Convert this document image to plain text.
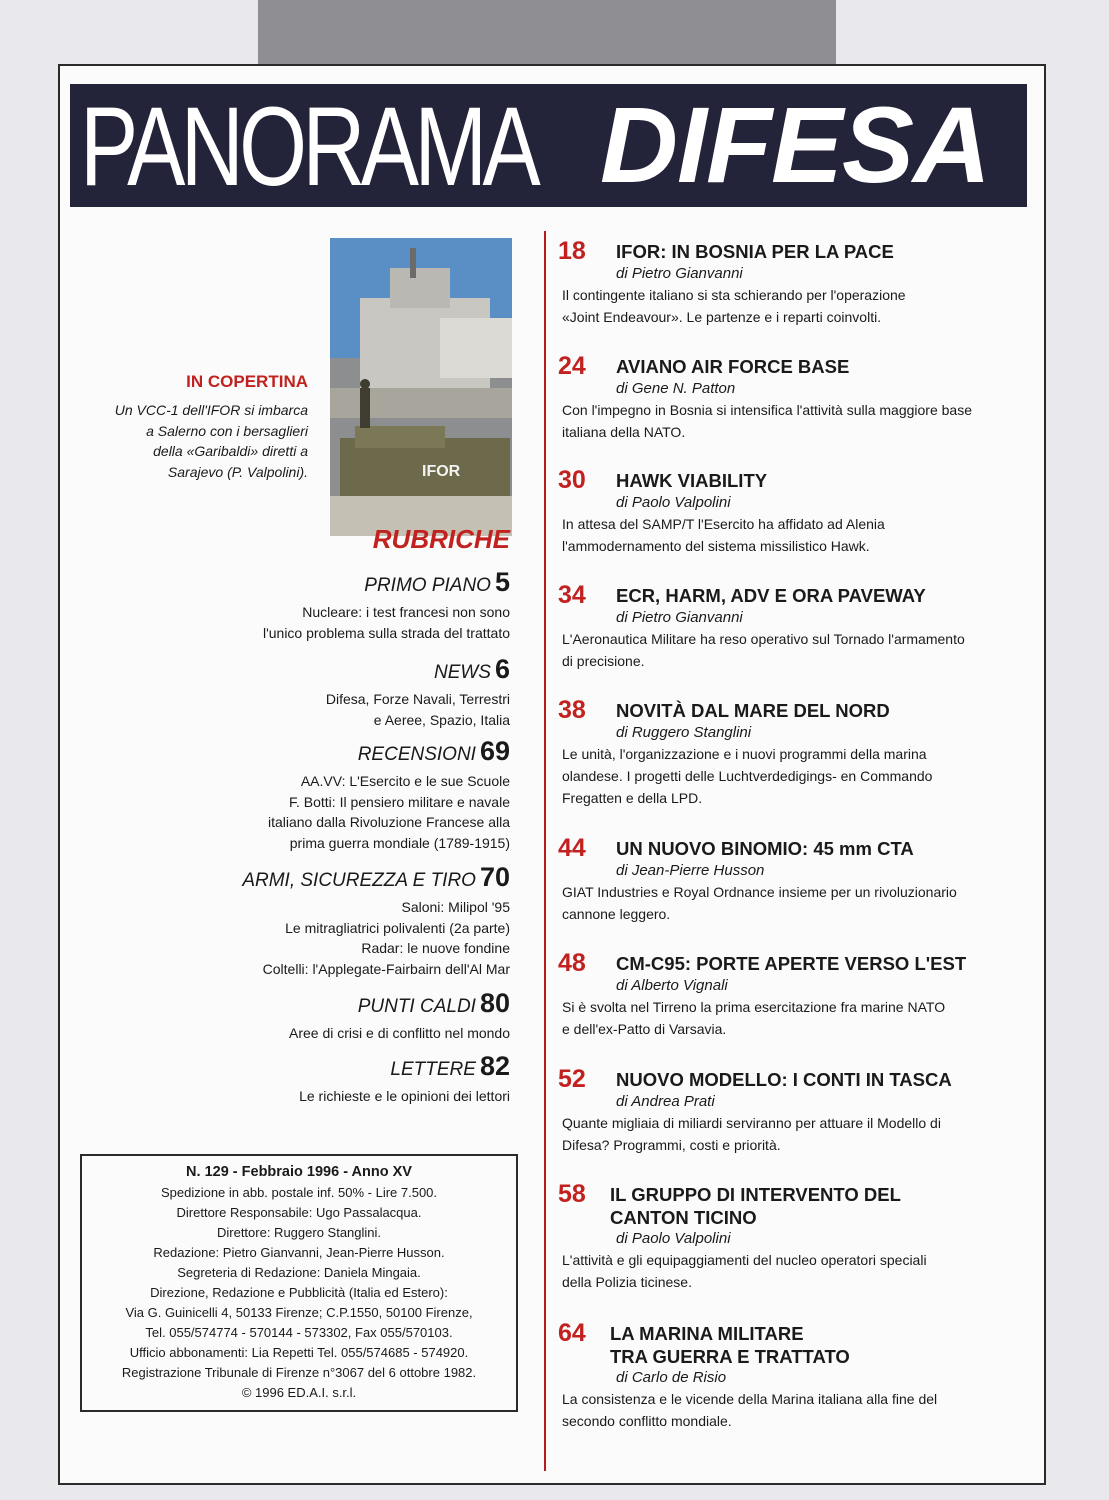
PANORAMA DIFESA
IFOR
IN COPERTINA
Un VCC-1 dell'IFOR si imbarca
a Salerno con i bersaglieri
della «Garibaldi» diretti a
Sarajevo (P. Valpolini).
RUBRICHE
PRIMO PIANO 5
Nucleare: i test francesi non sono
l'unico problema sulla strada del trattato
NEWS 6
Difesa, Forze Navali, Terrestri
e Aeree, Spazio, Italia
RECENSIONI 69
AA.VV: L'Esercito e le sue Scuole
F. Botti: Il pensiero militare e navale
italiano dalla Rivoluzione Francese alla
prima guerra mondiale (1789-1915)
ARMI, SICUREZZA E TIRO 70
Saloni: Milipol '95
Le mitragliatrici polivalenti (2a parte)
Radar: le nuove fondine
Coltelli: l'Applegate-Fairbairn dell'Al Mar
PUNTI CALDI 80
Aree di crisi e di conflitto nel mondo
LETTERE 82
Le richieste e le opinioni dei lettori
N. 129 - Febbraio 1996 - Anno XV
Spedizione in abb. postale inf. 50% - Lire 7.500.
Direttore Responsabile: Ugo Passalacqua.
Direttore: Ruggero Stanglini.
Redazione: Pietro Gianvanni, Jean-Pierre Husson.
Segreteria di Redazione: Daniela Mingaia.
Direzione, Redazione e Pubblicità (Italia ed Estero):
Via G. Guinicelli 4, 50133 Firenze; C.P.1550, 50100 Firenze,
Tel. 055/574774 - 570144 - 573302, Fax 055/570103.
Ufficio abbonamenti: Lia Repetti Tel. 055/574685 - 574920.
Registrazione Tribunale di Firenze n°3067 del 6 ottobre 1982.
© 1996 ED.A.I. s.r.l.
18 IFOR: IN BOSNIA PER LA PACE
di Pietro Gianvanni
Il contingente italiano si sta schierando per l'operazione
«Joint Endeavour». Le partenze e i reparti coinvolti.
24 AVIANO AIR FORCE BASE
di Gene N. Patton
Con l'impegno in Bosnia si intensifica l'attività sulla maggiore base
italiana della NATO.
30 HAWK VIABILITY
di Paolo Valpolini
In attesa del SAMP/T l'Esercito ha affidato ad Alenia
l'ammodernamento del sistema missilistico Hawk.
34 ECR, HARM, ADV E ORA PAVEWAY
di Pietro Gianvanni
L'Aeronautica Militare ha reso operativo sul Tornado l'armamento
di precisione.
38 NOVITÀ DAL MARE DEL NORD
di Ruggero Stanglini
Le unità, l'organizzazione e i nuovi programmi della marina
olandese. I progetti delle Luchtverdedigings- en Commando
Fregatten e della LPD.
44 UN NUOVO BINOMIO: 45 mm CTA
di Jean-Pierre Husson
GIAT Industries e Royal Ordnance insieme per un rivoluzionario
cannone leggero.
48 CM-C95: PORTE APERTE VERSO L'EST
di Alberto Vignali
Si è svolta nel Tirreno la prima esercitazione fra marine NATO
e dell'ex-Patto di Varsavia.
52 NUOVO MODELLO: I CONTI IN TASCA
di Andrea Prati
Quante migliaia di miliardi serviranno per attuare il Modello di
Difesa? Programmi, costi e priorità.
58 IL GRUPPO DI INTERVENTO DEL
CANTON TICINO
di Paolo Valpolini
L'attività e gli equipaggiamenti del nucleo operatori speciali
della Polizia ticinese.
64 LA MARINA MILITARE
TRA GUERRA E TRATTATO
di Carlo de Risio
La consistenza e le vicende della Marina italiana alla fine del
secondo conflitto mondiale.
